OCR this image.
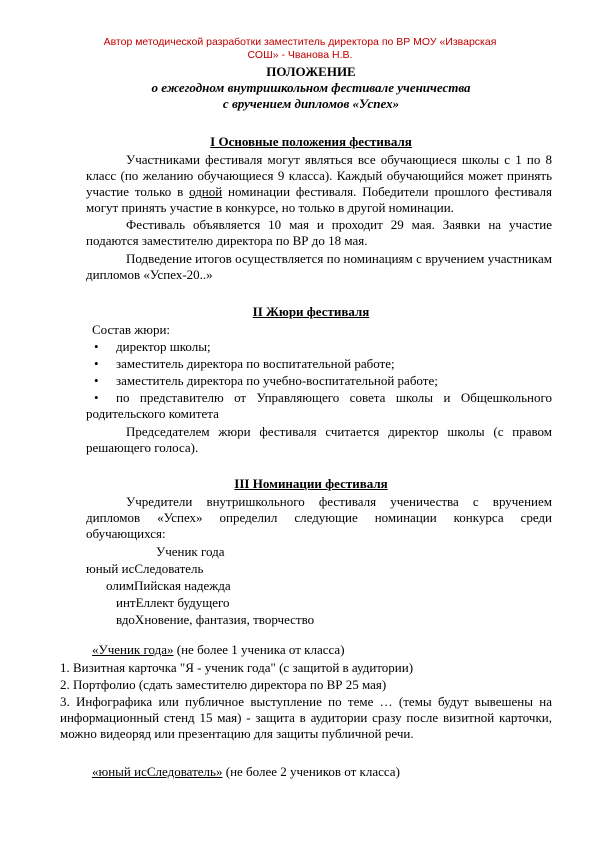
Автор методической разработки заместитель директора по ВР МОУ «Изварская
СОШ» - Чванова Н.В.
ПОЛОЖЕНИЕ
о ежегодном внутришкольном фестивале ученичества
с вручением дипломов «Успех»
I Основные положения фестиваля
Участниками фестиваля могут являться все обучающиеся школы с 1 по 8 класс (по желанию обучающиеся 9 класса). Каждый обучающийся может принять участие только в одной номинации фестиваля. Победители прошлого фестиваля могут принять участие в конкурсе, но только в другой номинации.
Фестиваль объявляется 10 мая и проходит 29 мая. Заявки на участие подаются заместителю директора по ВР до 18 мая.
Подведение итогов осуществляется по номинациям с вручением участникам дипломов «Успех-20..»
II Жюри фестиваля
Состав жюри:
• директор школы;
• заместитель директора по воспитательной работе;
• заместитель директора по учебно-воспитательной работе;
• по представителю от Управляющего совета школы и Общешкольного
родительского комитета
Председателем жюри фестиваля считается директор школы (с правом решающего голоса).
III Номинации фестиваля
Учредители внутришкольного фестиваля ученичества с вручением дипломов «Успех» определил следующие номинации конкурса среди обучающихся:
Ученик года
юный исСледователь
олимПийская надежда
интЕллект будущего
вдоХновение, фантазия, творчество
«Ученик года» (не более 1 ученика от класса)
1. Визитная карточка "Я - ученик года" (с защитой в аудитории)
2. Портфолио (сдать заместителю директора по ВР 25 мая)
3. Инфографика или публичное выступление по теме … (темы будут вывешены на информационный стенд 15 мая) - защита в аудитории сразу после визитной карточки, можно видеоряд или презентацию для защиты публичной речи.
«юный исСледователь» (не более 2 учеников от класса)
